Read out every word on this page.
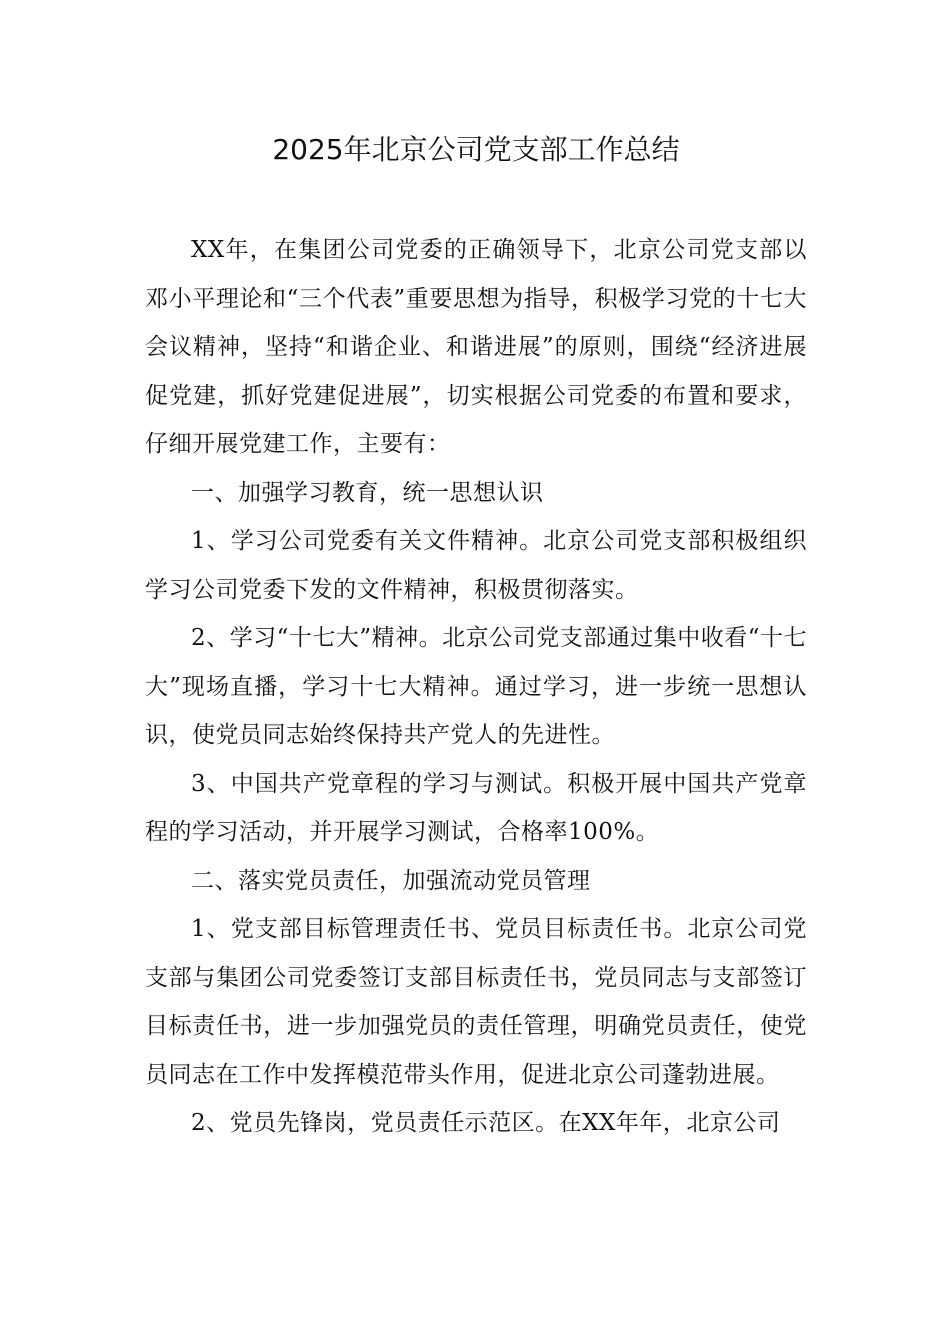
2025年北京公司党支部工作总结

XX年，在集团公司党委的正确领导下，北京公司党支部以邓小平理论和“三个代表”重要思想为指导，积极学习党的十七大会议精神，坚持“和谐企业、和谐进展”的原则，围绕“经济进展促党建，抓好党建促进展”，切实根据公司党委的布置和要求，仔细开展党建工作，主要有：

一、加强学习教育，统一思想认识

1、学习公司党委有关文件精神。北京公司党支部积极组织学习公司党委下发的文件精神，积极贯彻落实。

2、学习“十七大”精神。北京公司党支部通过集中收看“十七大”现场直播，学习十七大精神。通过学习，进一步统一思想认识，使党员同志始终保持共产党人的先进性。

3、中国共产党章程的学习与测试。积极开展中国共产党章程的学习活动，并开展学习测试，合格率100%。

二、落实党员责任，加强流动党员管理

1、党支部目标管理责任书、党员目标责任书。北京公司党支部与集团公司党委签订支部目标责任书，党员同志与支部签订目标责任书，进一步加强党员的责任管理，明确党员责任，使党员同志在工作中发挥模范带头作用，促进北京公司蓬勃进展。

2、党员先锋岗，党员责任示范区。在XX年年，北京公司
